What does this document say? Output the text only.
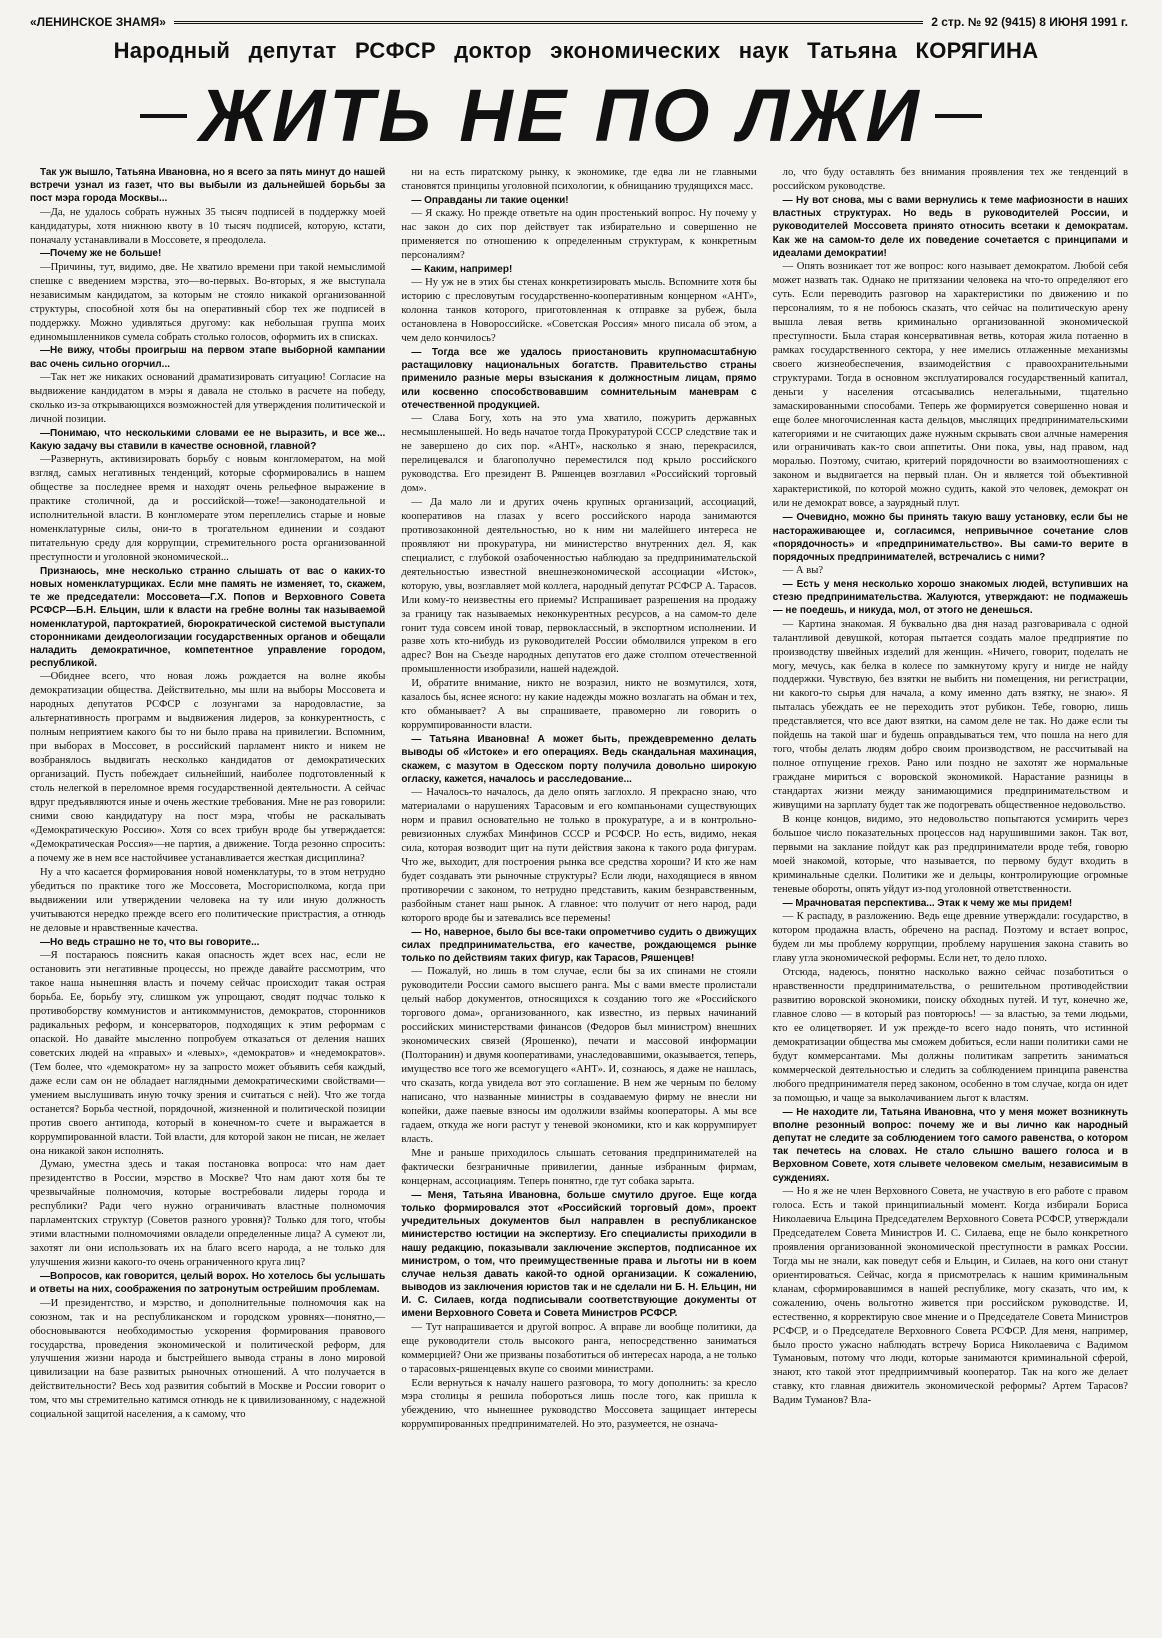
«ЛЕНИНСКОЕ ЗНАМЯ»	2 стр. № 92 (9415) 8 ИЮНЯ 1991 г.
Народный депутат РСФСР доктор экономических наук Татьяна КОРЯГИНА
ЖИТЬ НЕ ПО ЛЖИ

Так уж вышло, Татьяна Ивановна, но я всего за пять минут до нашей встречи узнал из газет, что вы выбыли из дальнейшей борьбы за пост мэра города Москвы...

—Да, не удалось собрать нужных 35 тысяч подписей в поддержку моей кандидатуры, хотя нижнюю квоту в 10 тысяч подписей, которую, кстати, поначалу устанавливали в Моссовете, я преодолела.

—Почему же не больше!

—Причины, тут, видимо, две. Не хватило времени при такой немыслимой спешке с введением мэрства, это—во-первых. Во-вторых, я же выступала независимым кандидатом, за которым не стояло никакой организованной структуры, способной хотя бы на оперативный сбор тех же подписей в поддержку. Можно удивляться другому: как небольшая группа моих единомышленников сумела собрать столько голосов, оформить их в списках.

—Не вижу, чтобы проигрыш на первом этапе выборной кампании вас очень сильно огорчил...

—Так нет же никаких оснований драматизировать ситуацию! Согласие на выдвижение кандидатом в мэры я давала не столько в расчете на победу, сколько из-за открывающихся возможностей для утверждения политической и личной позиции.

—Понимаю, что несколькими словами ее не выразить, и все же... Какую задачу вы ставили в качестве основной, главной?

—Развернуть, активизировать борьбу с новым конгломератом, на мой взгляд, самых негативных тенденций, которые сформировались в нашем обществе за последнее время и находят очень рельефное выражение в практике столичной, да и российской—тоже!—законодательной и исполнительной власти. В конгломерате этом переплелись старые и новые номенклатурные силы, они-то в трогательном единении и создают питательную среду для коррупции, стремительного роста организованной преступности и уголовной экономической...

Признаюсь, мне несколько странно слышать от вас о каких-то новых номенклатурщиках. Если мне память не изменяет, то, скажем, те же председатели: Моссовета—Г.Х. Попов и Верховного Совета РСФСР—Б.Н. Ельцин, шли к власти на гребне волны так называемой номенклатурой, партократией, бюрократической системой выступали сторонниками деидеологизации государственных органов и обещали наладить демократичное, компетентное управление городом, республикой.

—Обиднее всего, что новая ложь рождается на волне якобы демократизации общества. Действительно, мы шли на выборы Моссовета и народных депутатов РСФСР с лозунгами за народовластие, за альтернативность программ и выдвижения лидеров, за конкурентность, с полным неприятием какого бы то ни было права на привилегии. Вспомним, при выборах в Моссовет, в российский парламент никто и никем не возбранялось выдвигать несколько кандидатов от демократических организаций. Пусть побеждает сильнейший, наиболее подготовленный к столь нелегкой в переломное время государственной деятельности. А сейчас вдруг предъявляются иные и очень жесткие требования. Мне не раз говорили: сними свою кандидатуру на пост мэра, чтобы не раскалывать «Демократическую Россию». Хотя со всех трибун вроде бы утверждается: «Демократическая Россия»—не партия, а движение. Тогда резонно спросить: а почему же в нем все настойчивее устанавливается жесткая дисциплина?

Ну а что касается формирования новой номенклатуры, то в этом нетрудно убедиться по практике того же Моссовета, Мосгорисполкома, когда при выдвижении или утверждении человека на ту или иную должность учитываются нередко прежде всего его политические пристрастия, а отнюдь не деловые и нравственные качества.

—Но ведь страшно не то, что вы говорите...

—Я постараюсь пояснить какая опасность ждет всех нас, если не остановить эти негативные процессы, но прежде давайте рассмотрим, что такое наша нынешняя власть и почему сейчас происходит такая острая борьба. Ее, борьбу эту, слишком уж упрощают, сводят подчас только к противоборству коммунистов и антикоммунистов, демократов, сторонников радикальных реформ, и консерваторов, подходящих к этим реформам с опаской. Но давайте мысленно попробуем отказаться от деления наших советских людей на «правых» и «левых», «демократов» и «недемократов». (Тем более, что «демократом» ну за запросто может объявить себя каждый, даже если сам он не обладает наглядными демократическими свойствами—умением выслушивать иную точку зрения и считаться с ней). Что же тогда останется? Борьба честной, порядочной, жизненной и политической позиции против своего антипода, который в конечном-то счете и выражается в коррумпированной власти. Той власти, для которой закон не писан, не желает она никакой закон исполнять.

Думаю, уместна здесь и такая постановка вопроса: что нам дает президентство в России, мэрство в Москве? Что нам дают хотя бы те чрезвычайные полномочия, которые востребовали лидеры города и республики? Ради чего нужно ограничивать властные полномочия парламентских структур (Советов разного уровня)? Только для того, чтобы этими властными полномочиями овладели определенные лица? А сумеют ли, захотят ли они использовать их на благо всего народа, а не только для улучшения жизни какого-то очень ограниченного круга лиц?

—Вопросов, как говорится, целый ворох. Но хотелось бы услышать и ответы на них, соображения по затронутым острейшим проблемам.

—И президентство, и мэрство, и дополнительные полномочия как на союзном, так и на республиканском и городском уровнях—понятно,—обосновываются необходимостью ускорения формирования правового государства, проведения экономической и политической реформ, для улучшения жизни народа и быстрейшего вывода страны в лоно мировой цивилизации на базе развитых рыночных отношений. А что получается в действительности? Весь ход развития событий в Москве и России говорит о том, что мы стремительно катимся отнюдь не к цивилизованному, с надежной социальной защитой населения, а к самому, что

ни на есть пиратскому рынку, к экономике, где едва ли не главными становятся принципы уголовной психологии, к обнищанию трудящихся масс.

— Оправданы ли такие оценки!

— Я скажу. Но прежде ответьте на один простенький вопрос. Ну почему у нас закон до сих пор действует так избирательно и совершенно не применяется по отношению к определенным структурам, к конкретным персоналиям?

— Каким, например!

— Ну уж не в этих бы стенах конкретизировать мысль. Вспомните хотя бы историю с пресловутым государственно-кооперативным концерном «АНТ», колонна танков которого, приготовленная к отправке за рубеж, была остановлена в Новороссийске. «Советская Россия» много писала об этом, а чем дело кончилось?

— Тогда все же удалось приостановить крупномасштабную растащиловку национальных богатств. Правительство страны применило разные меры взыскания к должностным лицам, прямо или косвенно способствовавшим сомнительным маневрам с отечественной продукцией.

— Слава Богу, хоть на это ума хватило, пожурить державных несмышленышей. Но ведь начатое тогда Прокуратурой СССР следствие так и не завершено до сих пор. «АНТ», насколько я знаю, перекрасился, перелицевался и благополучно переместился под крыло российского руководства. Его президент В. Ряшенцев возглавил «Российский торговый дом».

— Да мало ли и других очень крупных организаций, ассоциаций, кооперативов на глазах у всего российского народа занимаются противозаконной деятельностью, но к ним ни малейшего интереса не проявляют ни прокуратура, ни министерство внутренних дел. Я, как специалист, с глубокой озабоченностью наблюдаю за предпринимательской деятельностью известной внешнеэкономической ассоциации «Исток», которую, увы, возглавляет мой коллега, народный депутат РСФСР А. Тарасов. Или кому-то неизвестны его приемы? Испрашивает разрешения на продажу за границу так называемых неконкурентных ресурсов, а на самом-то деле гонит туда совсем иной товар, первоклассный, в экспортном исполнении. И разве хоть кто-нибудь из руководителей России обмолвился упреком в его адрес? Вон на Съезде народных депутатов его даже столпом отечественной промышленности изобразили, нашей надеждой.

И, обратите внимание, никто не возразил, никто не возмутился, хотя, казалось бы, яснее ясного: ну какие надежды можно возлагать на обман и тех, кто обманывает? А вы спрашиваете, правомерно ли говорить о коррумпированности власти.

— Татьяна Ивановна! А может быть, преждевременно делать выводы об «Истоке» и его операциях. Ведь скандальная махинация, скажем, с мазутом в Одесском порту получила довольно широкую огласку, кажется, началось и расследование...

— Началось-то началось, да дело опять заглохло. Я прекрасно знаю, что материалами о нарушениях Тарасовым и его компаньонами существующих норм и правил основательно не только в прокуратуре, а и в контрольно-ревизионных службах Минфинов СССР и РСФСР. Но есть, видимо, некая сила, которая возводит щит на пути действия закона к такого рода фигурам. Что же, выходит, для построения рынка все средства хороши? И кто же нам будет создавать эти рыночные структуры? Если люди, находящиеся в явном противоречии с законом, то нетрудно представить, каким безнравственным, разбойным станет наш рынок. А главное: что получит от него народ, ради которого вроде бы и затевались все перемены!

— Но, наверное, было бы все-таки опрометчиво судить о движущих силах предпринимательства, его качестве, рождающемся рынке только по действиям таких фигур, как Тарасов, Ряшенцев!

— Пожалуй, но лишь в том случае, если бы за их спинами не стояли руководители России самого высшего ранга. Мы с вами вместе пролистали целый набор документов, относящихся к созданию того же «Российского торгового дома», организованного, как известно, из первых начинаний российских министерствами финансов (Федоров был министром) внешних экономических связей (Ярошенко), печати и массовой информации (Полторанин) и двумя кооперативами, унаследовавшими, оказывается, теперь, имущество все того же всемогущего «АНТ». И, сознаюсь, я даже не нашлась, что сказать, когда увидела вот это соглашение. В нем же черным по белому написано, что названные министры в создаваемую фирму не внесли ни копейки, даже паевые взносы им одолжили взаймы кооператоры. А мы все гадаем, откуда же ноги растут у теневой экономики, кто и как коррумпирует власть.

Мне и раньше приходилось слышать сетования предпринимателей на фактически безграничные привилегии, данные избранным фирмам, концернам, ассоциациям. Теперь понятно, где тут собака зарыта.

— Меня, Татьяна Ивановна, больше смутило другое. Еще когда только формировался этот «Российский торговый дом», проект учредительных документов был направлен в республиканское министерство юстиции на экспертизу. Его специалисты приходили в нашу редакцию, показывали заключение экспертов, подписанное их министром, о том, что преимущественные права и льготы ни в коем случае нельзя давать какой-то одной организации. К сожалению, выводов из заключения юристов так и не сделали ни Б. Н. Ельцин, ни И. С. Силаев, когда подписывали соответствующие документы от имени Верховного Совета и Совета Министров РСФСР.

— Тут напрашивается и другой вопрос. А вправе ли вообще политики, да еще руководители столь высокого ранга, непосредственно заниматься коммерцией? Они же призваны позаботиться об интересах народа, а не только о тарасовых-ряшенцевых вкупе со своими министрами.

Если вернуться к началу нашего разговора, то могу дополнить: за кресло мэра столицы я решила побороться лишь после того, как пришла к убеждению, что нынешнее руководство Моссовета защищает интересы коррумпированных предпринимателей. Но это, разумеется, не означа-

ло, что буду оставлять без внимания проявления тех же тенденций в российском руководстве.

— Ну вот снова, мы с вами вернулись к теме мафиозности в наших властных структурах. Но ведь в руководителей России, и руководителей Моссовета принято относить всетаки к демократам. Как же на самом-то деле их поведение сочетается с принципами и идеалами демократии!

— Опять возникает тот же вопрос: кого называет демократом. Любой себя может назвать так. Однако не притязании человека на что-то определяют его суть. Если переводить разговор на характеристики по движению и по персоналиям, то я не побоюсь сказать, что сейчас на политическую арену вышла левая ветвь криминально организованной экономической преступности. Была старая консервативная ветвь, которая жила потаенно в рамках государственного сектора, у нее имелись отлаженные механизмы своего жизнеобеспечения, взаимодействия с правоохранительными структурами. Тогда в основном эксплуатировался государственный капитал, деньги у населения отсасывались нелегальными, тщательно замаскированными способами. Теперь же формируется совершенно новая и еще более многочисленная каста дельцов, мыслящих предпринимательскими категориями и не считающих даже нужным скрывать свои алчные намерения или ограничивать как-то свои аппетиты. Они пока, увы, над правом, над моралью. Поэтому, считаю, критерий порядочности во взаимоотношениях с законом и выдвигается на первый план. Он и является той объективной характеристикой, по которой можно судить, какой это человек, демократ он или не демократ вовсе, а заурядный плут.

— Очевидно, можно бы принять такую вашу установку, если бы не настораживающее и, согласимся, непривычное сочетание слов «порядочность» и «предпринимательство». Вы сами-то верите в порядочных предпринимателей, встречались с ними?

— А вы?

— Есть у меня несколько хорошо знакомых людей, вступивших на стезю предпринимательства. Жалуются, утверждают: не подмажешь — не поедешь, и никуда, мол, от этого не денешься.

— Картина знакомая. Я буквально два дня назад разговаривала с одной талантливой девушкой, которая пытается создать малое предприятие по производству швейных изделий для женщин. «Ничего, говорит, поделать не могу, мечусь, как белка в колесе по замкнутому кругу и нигде не найду поддержки. Чувствую, без взятки не выбить ни помещения, ни регистрации, ни какого-то сырья для начала, а кому именно дать взятку, не знаю». Я пыталась убеждать ее не переходить этот рубикон. Тебе, говорю, лишь представляется, что все дают взятки, на самом деле не так. Но даже если ты пойдешь на такой шаг и будешь оправдываться тем, что пошла на него для того, чтобы делать людям добро своим производством, не рассчитывай на полное отпущение грехов. Рано или поздно не захотят же нормальные граждане мириться с воровской экономикой. Нарастание разницы в стандартах жизни между занимающимися предпринимательством и живущими на зарплату будет так же подогревать общественное недовольство.

В конце концов, видимо, это недовольство попытаются усмирить через большое число показательных процессов над нарушившими закон. Так вот, первыми на заклание пойдут как раз предприниматели вроде тебя, говорю моей знакомой, которые, что называется, по первому будут входить в криминальные сделки. Политики же и дельцы, контролирующие огромные теневые обороты, опять уйдут из-под уголовной ответственности.

— Мрачноватая перспектива... Этак к чему же мы придем!

— К распаду, в разложению. Ведь еще древние утверждали: государство, в котором продажна власть, обречено на распад. Поэтому и встает вопрос, будем ли мы проблему коррупции, проблему нарушения закона ставить во главу угла экономической реформы. Если нет, то дело плохо.

Отсюда, надеюсь, понятно насколько важно сейчас позаботиться о нравственности предпринимательства, о решительном противодействии развитию воровской экономики, поиску обходных путей. И тут, конечно же, главное слово — в который раз повторюсь! — за властью, за теми людьми, кто ее олицетворяет. И уж прежде-то всего надо понять, что истинной демократизации общества мы сможем добиться, если наши политики сами не будут коммерсантами. Мы должны политикам запретить заниматься коммерческой деятельностью и следить за соблюдением принципа равенства любого предпринимателя перед законом, особенно в том случае, когда он идет за помощью, и чаще за выколачиванием льгот к властям.

— Не находите ли, Татьяна Ивановна, что у меня может возникнуть вполне резонный вопрос: почему же и вы лично как народный депутат не следите за соблюдением того самого равенства, о котором так печетесь на словах. Не стало слышно вашего голоса и в Верховном Совете, хотя слывете человеком смелым, независимым в суждениях.

— Но я же не член Верховного Совета, не участвую в его работе с правом голоса. Есть и такой принципиальный момент. Когда избирали Бориса Николаевича Ельцина Председателем Верховного Совета РСФСР, утверждали Председателем Совета Министров И. С. Силаева, еще не было конкретного проявления организованной экономической преступности в рамках России. Тогда мы не знали, как поведут себя и Ельцин, и Силаев, на кого они станут ориентироваться. Сейчас, когда я присмотрелась к нашим криминальным кланам, сформировавшимся в нашей республике, могу сказать, что им, к сожалению, очень вольготно живется при российском руководстве. И, естественно, я корректирую свое мнение и о Председателе Совета Министров РСФСР, и о Председателе Верховного Совета РСФСР. Для меня, например, было просто ужасно наблюдать встречу Бориса Николаевича с Вадимом Тумановым, потому что люди, которые занимаются криминальной сферой, знают, кто такой этот предприимчивый кооператор. Так на кого же делает ставку, кто главная движитель экономической реформы? Артем Тарасов? Вадим Туманов? Вла-
